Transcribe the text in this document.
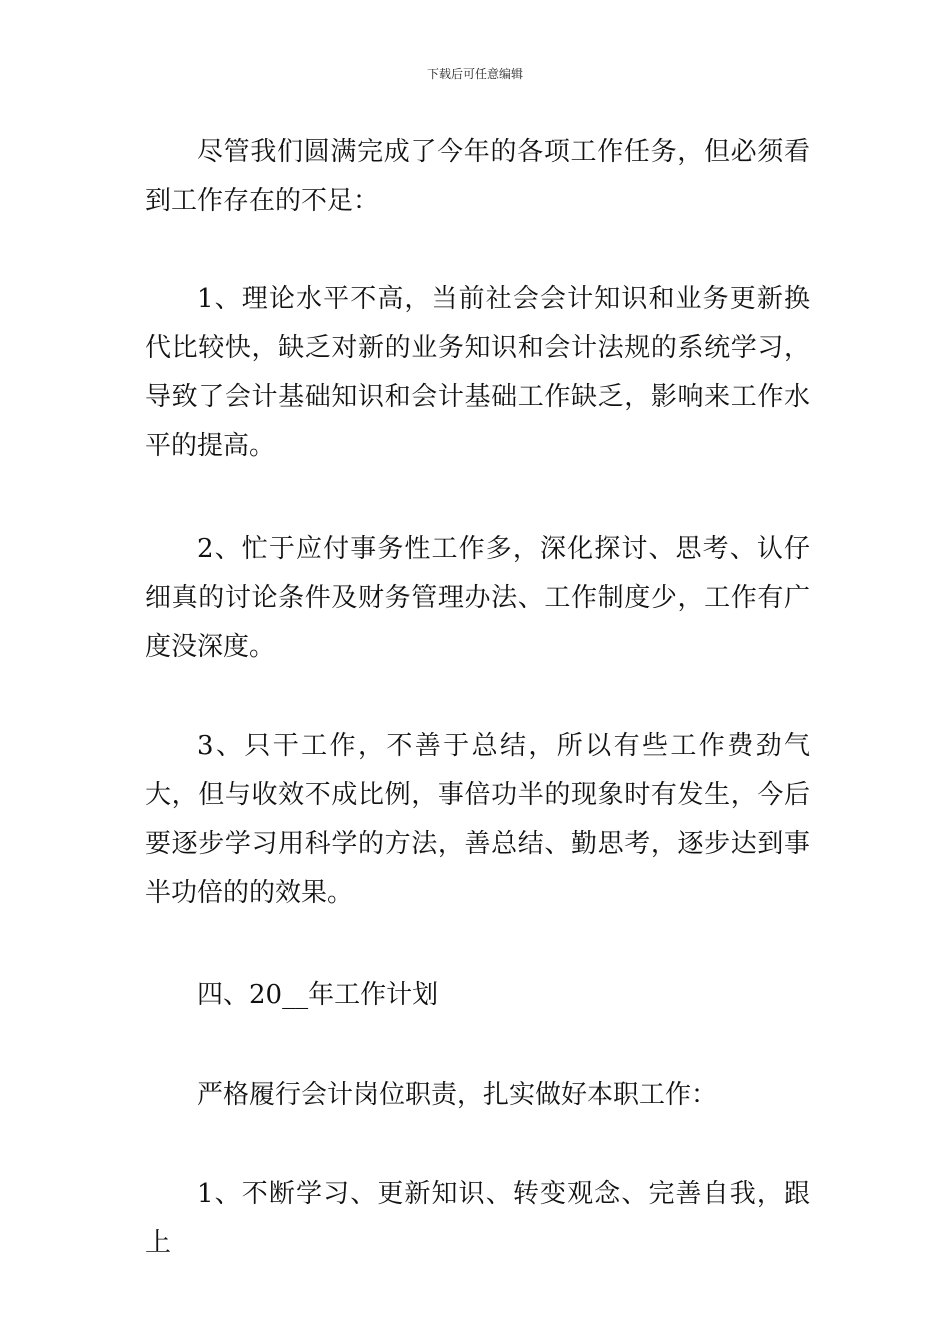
下载后可任意编辑

尽管我们圆满完成了今年的各项工作任务，但必须看到工作存在的不足：

1、理论水平不高，当前社会会计知识和业务更新换代比较快，缺乏对新的业务知识和会计法规的系统学习，导致了会计基础知识和会计基础工作缺乏，影响来工作水平的提高。

2、忙于应付事务性工作多，深化探讨、思考、认仔细真的讨论条件及财务管理办法、工作制度少，工作有广度没深度。

3、只干工作，不善于总结，所以有些工作费劲气大，但与收效不成比例，事倍功半的现象时有发生，今后要逐步学习用科学的方法，善总结、勤思考，逐步达到事半功倍的的效果。

四、20__年工作计划

严格履行会计岗位职责，扎实做好本职工作：

1、不断学习、更新知识、转变观念、完善自我，跟上
